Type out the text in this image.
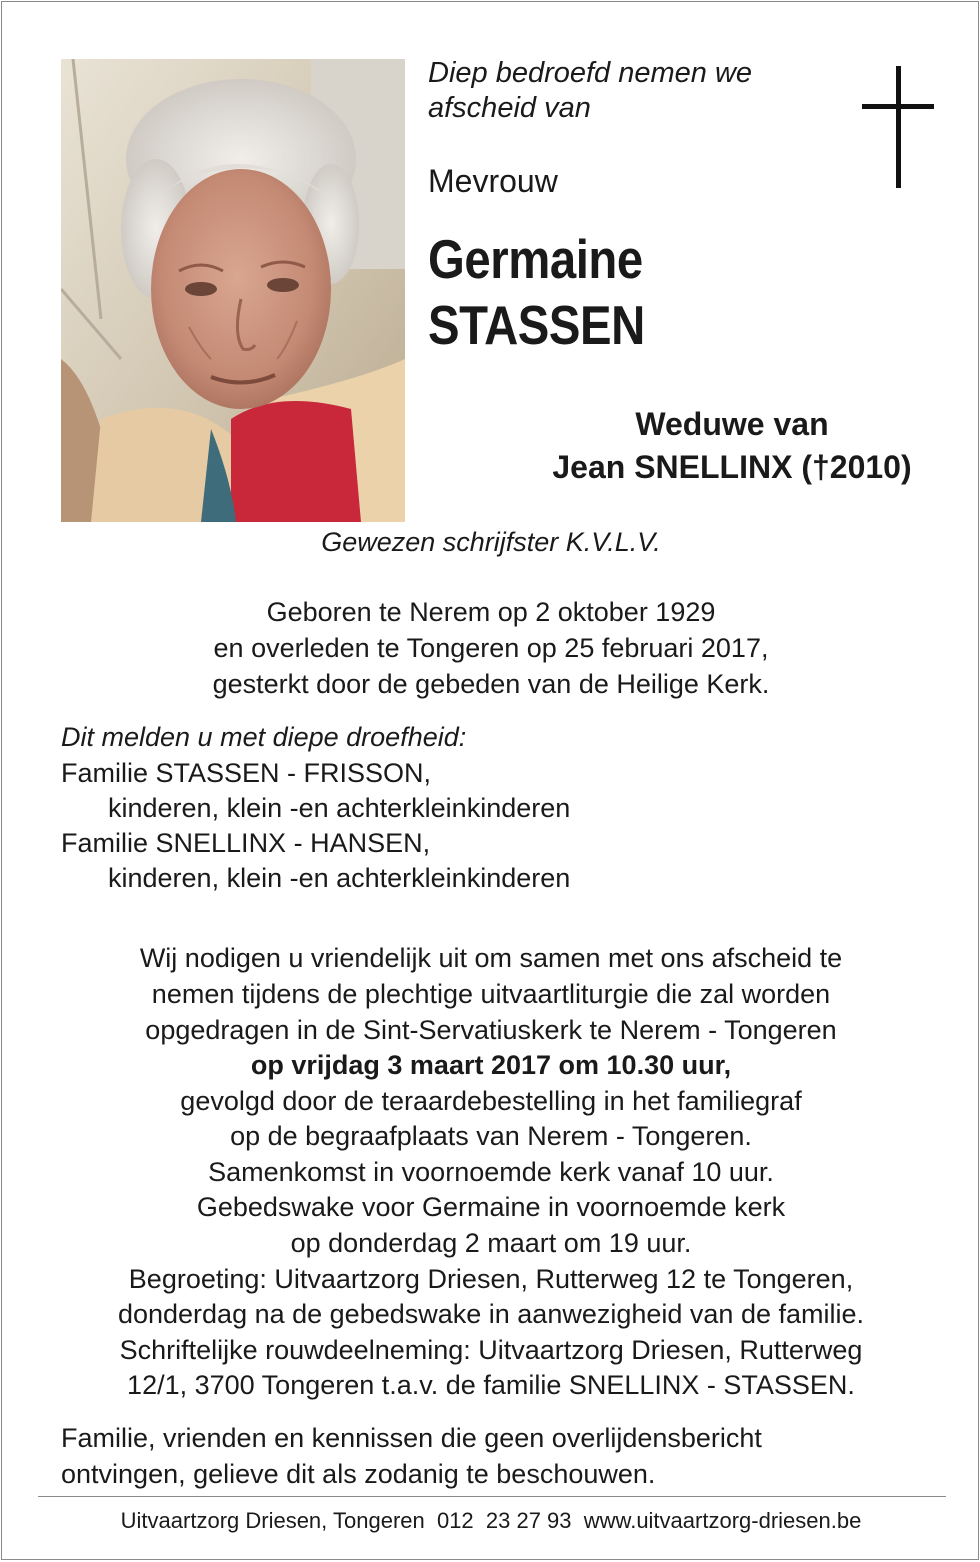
Diep bedroefd nemen we
afscheid van

Mevrouw

Germaine
STASSEN

Weduwe van

Jean SNELLINX (†2010)

Gewezen schrijfster K.V.L.V.

Geboren te Nerem op 2 oktober 1929

en overleden te Tongeren op 25 februari 2017,

gesterkt door de gebeden van de Heilige Kerk.

Dit melden u met diepe droefheid:

Familie STASSEN - FRISSON,

kinderen, klein -en achterkleinkinderen

Familie SNELLINX - HANSEN,

kinderen, klein -en achterkleinkinderen

Wij nodigen u vriendelijk uit om samen met ons afscheid te

nemen tijdens de plechtige uitvaartliturgie die zal worden

opgedragen in de Sint-Servatiuskerk te Nerem - Tongeren

op vrijdag 3 maart 2017 om 10.30 uur,

gevolgd door de teraardebestelling in het familiegraf

op de begraafplaats van Nerem - Tongeren.

Samenkomst in voornoemde kerk vanaf 10 uur.

Gebedswake voor Germaine in voornoemde kerk

op donderdag 2 maart om 19 uur.

Begroeting: Uitvaartzorg Driesen, Rutterweg 12 te Tongeren,

donderdag na de gebedswake in aanwezigheid van de familie.

Schriftelijke rouwdeelneming: Uitvaartzorg Driesen, Rutterweg

12/1, 3700 Tongeren t.a.v. de familie SNELLINX - STASSEN.

Familie, vrienden en kennissen die geen overlijdensbericht

ontvingen, gelieve dit als zodanig te beschouwen.

Uitvaartzorg Driesen, Tongeren  012  23 27 93  www.uitvaartzorg-driesen.be
